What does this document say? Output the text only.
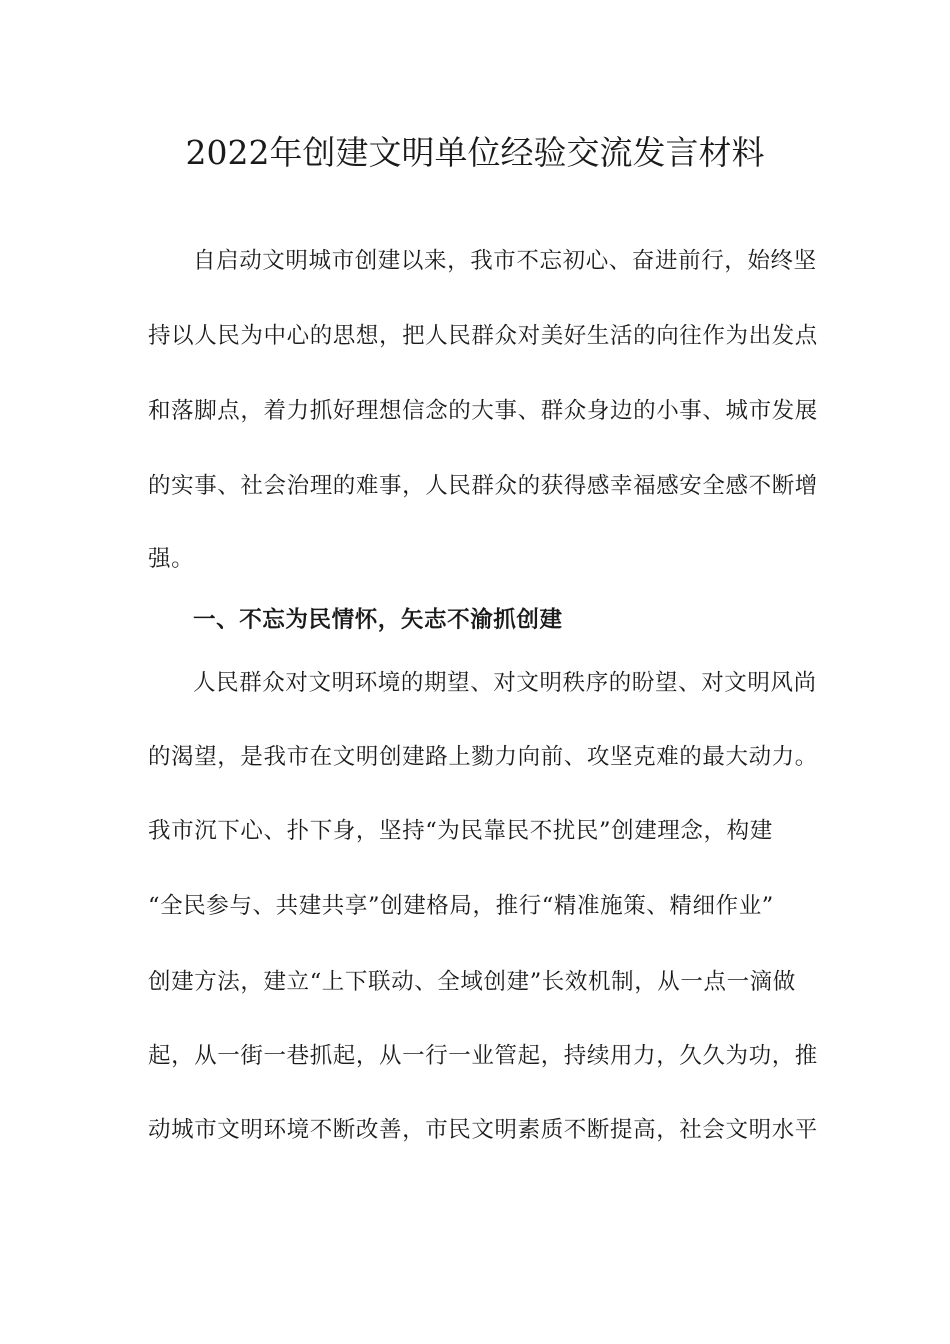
2022年创建文明单位经验交流发言材料
自启动文明城市创建以来，我市不忘初心、奋进前行，始终坚
持以人民为中心的思想，把人民群众对美好生活的向往作为出发点
和落脚点，着力抓好理想信念的大事、群众身边的小事、城市发展
的实事、社会治理的难事，人民群众的获得感幸福感安全感不断增
强。
一、不忘为民情怀，矢志不渝抓创建
人民群众对文明环境的期望、对文明秩序的盼望、对文明风尚
的渴望，是我市在文明创建路上勠力向前、攻坚克难的最大动力。
我市沉下心、扑下身，坚持“为民靠民不扰民”创建理念，构建
“全民参与、共建共享”创建格局，推行“精准施策、精细作业”
创建方法，建立“上下联动、全域创建”长效机制，从一点一滴做
起，从一街一巷抓起，从一行一业管起，持续用力，久久为功，推
动城市文明环境不断改善，市民文明素质不断提高，社会文明水平
